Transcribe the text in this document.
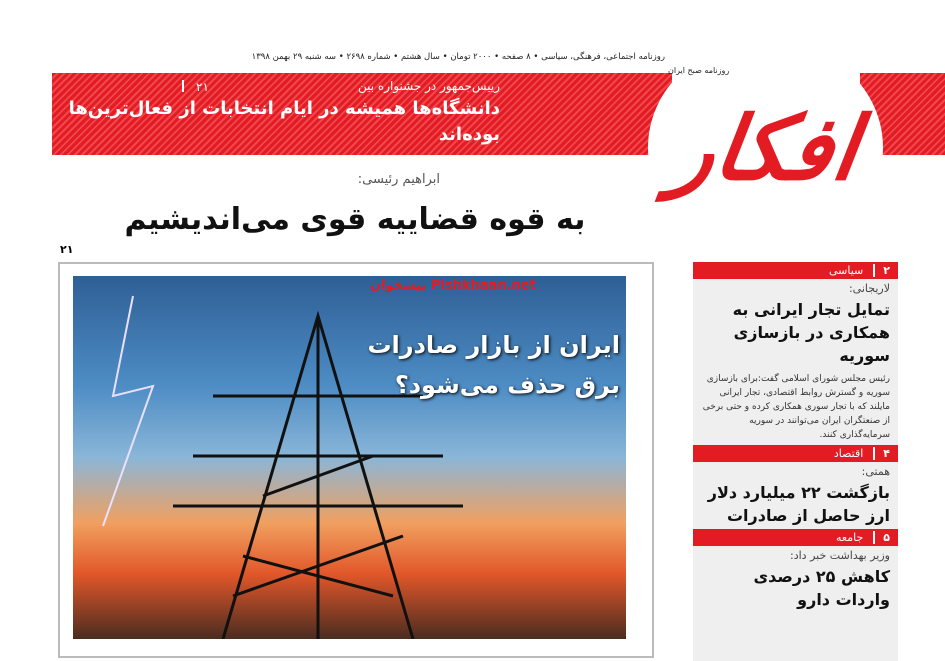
روزنامه اجتماعی، فرهنگی، سیاسی • ۸ صفحه • ۲۰۰۰ تومان • سال هشتم • شماره ۲۶۹۸ • سه شنبه ۲۹ بهمن ۱۳۹۸
۲۱	رییس‌جمهور در جشنواره بین
دانشگاه‌ها همیشه در ایام انتخابات از فعال‌ترین‌ها بوده‌اند
روزنامه صبح ایران
افکار
ابراهیم رئیسی:
به قوه قضاییه قوی می‌اندیشیم
۲۱
ایران از بازار صادرات برق حذف می‌شود؟
پیشخوان Pishkhaan.net
۲
سیاسی
لاریجانی:
تمایل تجار ایرانی به همکاری در بازسازی سوریه
رئیس مجلس شورای اسلامی گفت:برای بازسازی سوریه و گسترش روابط اقتصادی، تجار ایرانی مایلند که با تجار سوری همکاری کرده و حتی برخی از صنعتگران ایران می‌توانند در سوریه سرمایه‌گذاری کنند.
۴
اقتصاد
همتی:
بازگشت ۲۲ میلیارد دلار ارز حاصل از صادرات
۵
جامعه
وزیر بهداشت خبر داد:
کاهش ۲۵ درصدی واردات دارو
